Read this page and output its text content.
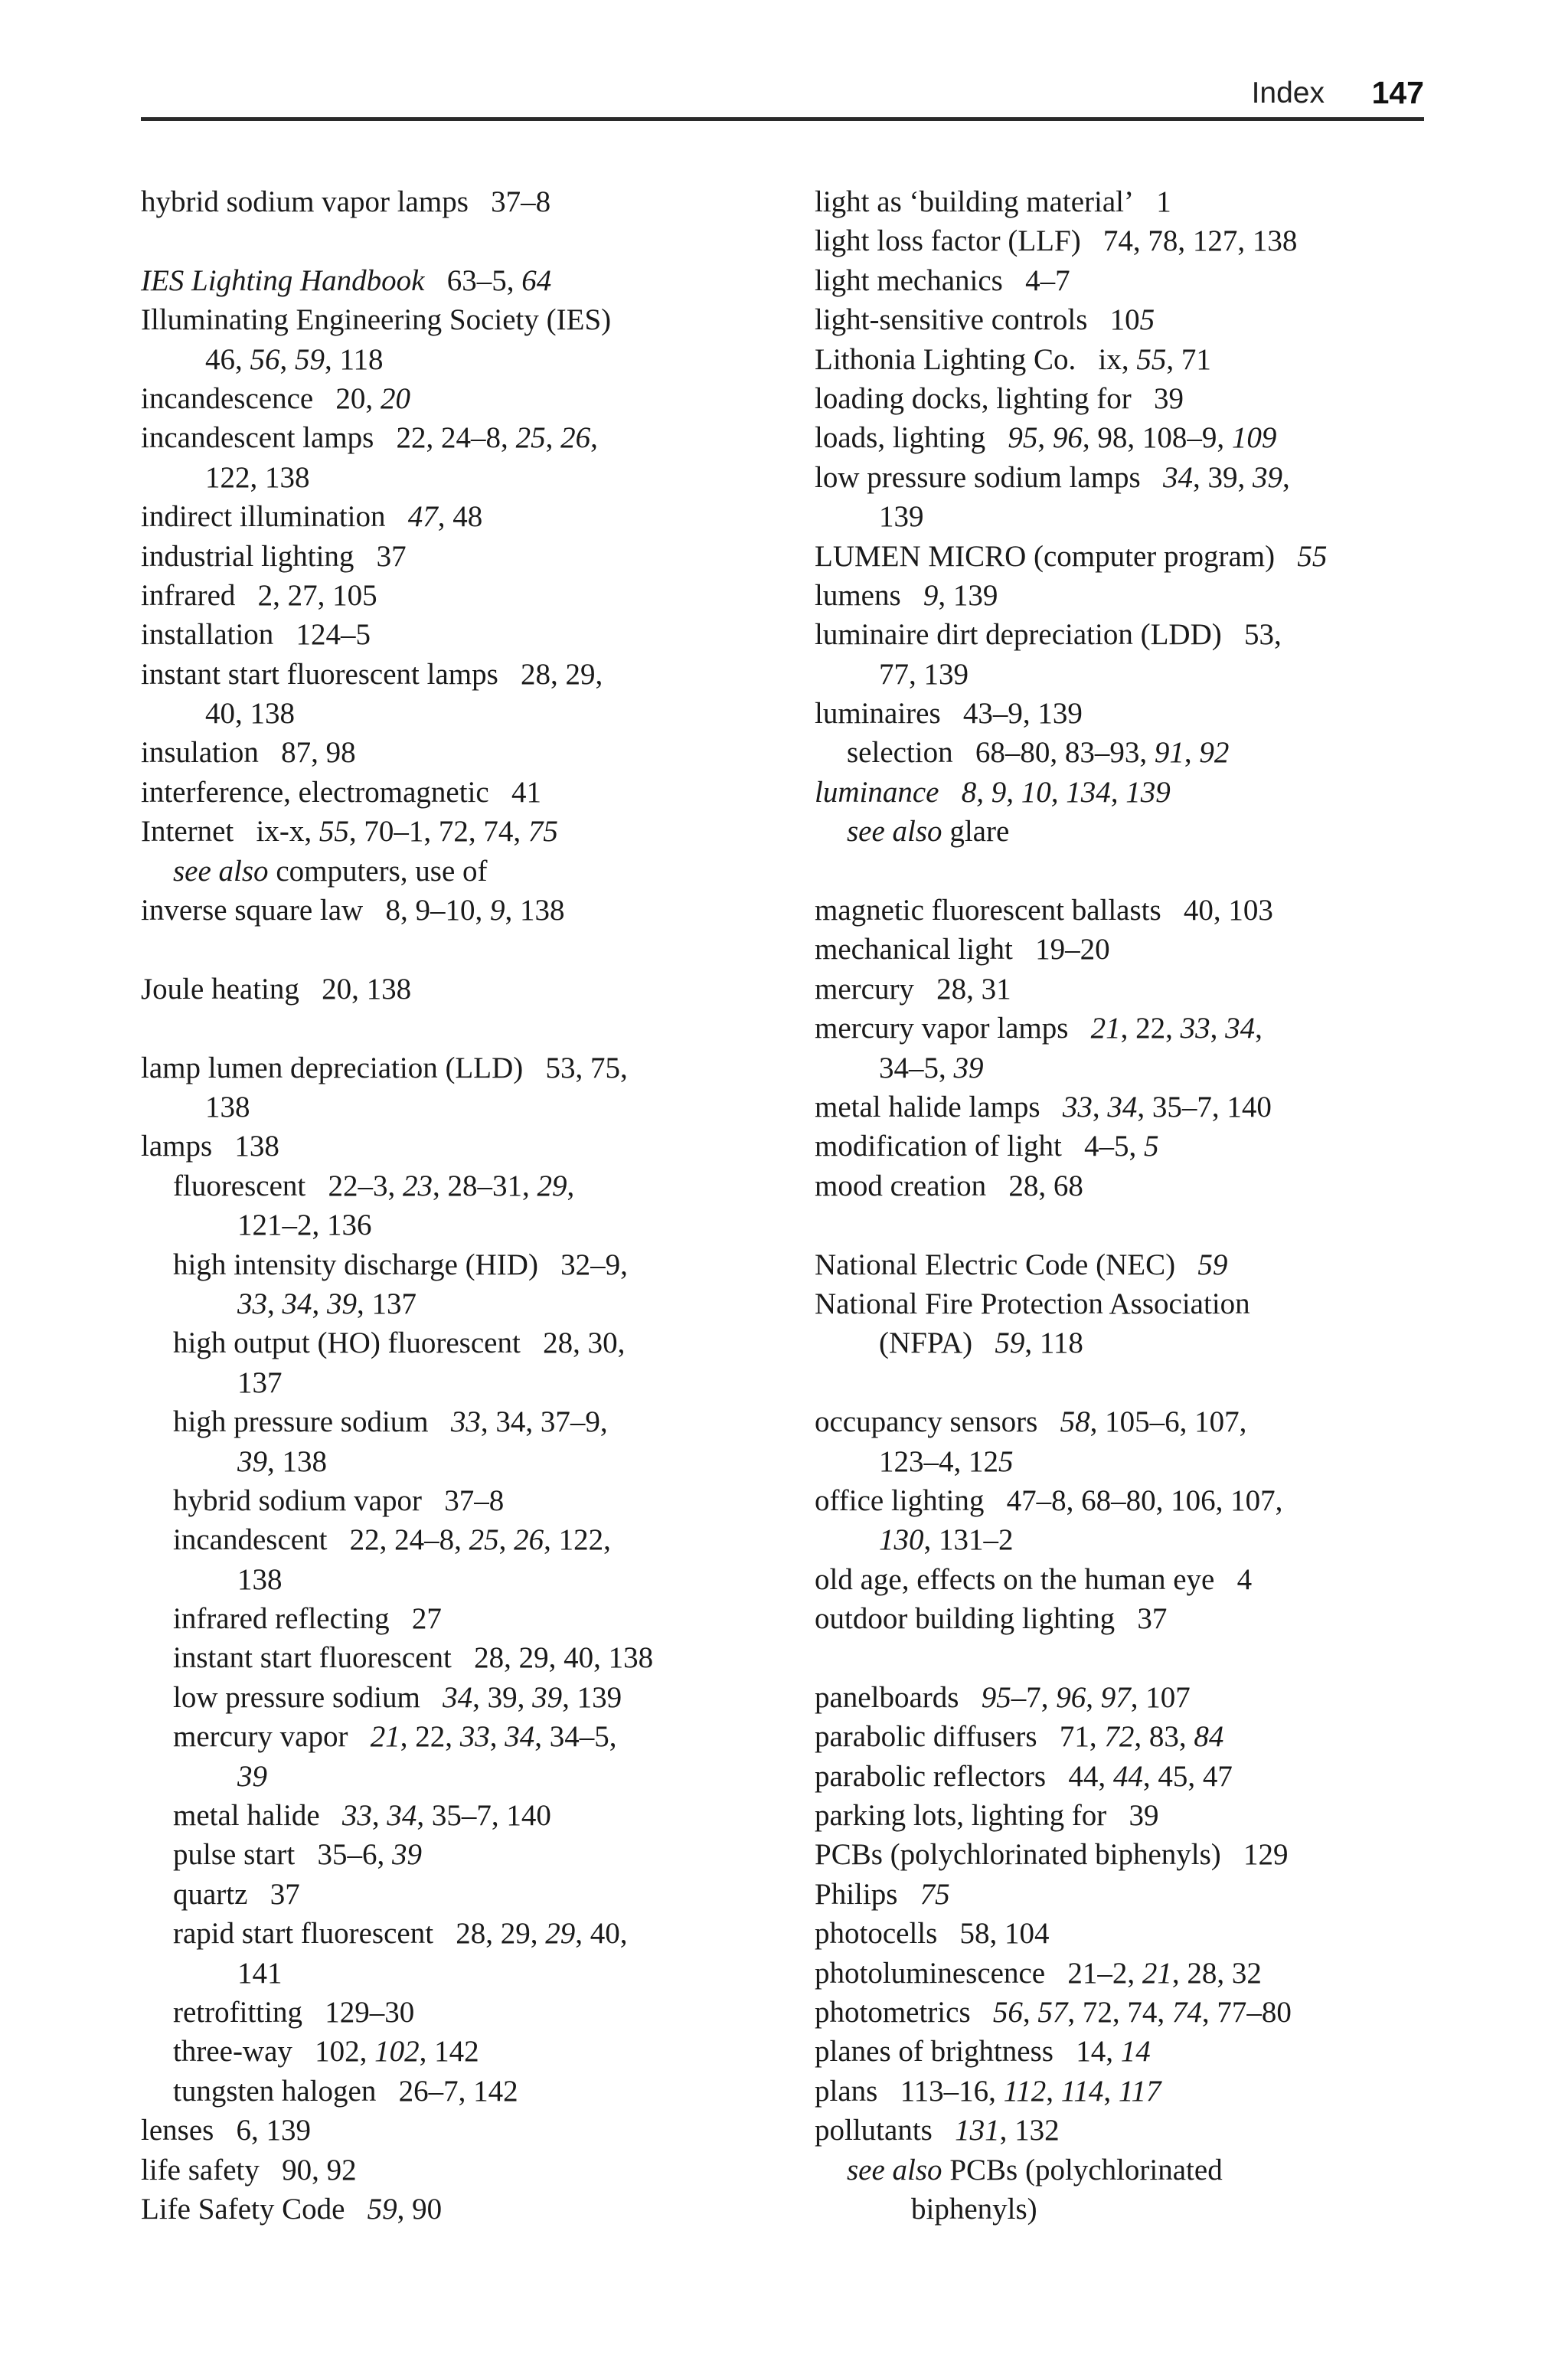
Index 147
hybrid sodium vapor lamps   37–8
IES Lighting Handbook   63–5, 64
Illuminating Engineering Society (IES)
46, 56, 59, 118
incandescence   20, 20
incandescent lamps   22, 24–8, 25, 26,
122, 138
indirect illumination   47, 48
industrial lighting   37
infrared   2, 27, 105
installation   124–5
instant start fluorescent lamps   28, 29,
40, 138
insulation   87, 98
interference, electromagnetic   41
Internet   ix-x, 55, 70–1, 72, 74, 75
see also computers, use of
inverse square law   8, 9–10, 9, 138
Joule heating   20, 138
lamp lumen depreciation (LLD)   53, 75,
138
lamps   138
fluorescent   22–3, 23, 28–31, 29,
121–2, 136
high intensity discharge (HID)   32–9,
33, 34, 39, 137
high output (HO) fluorescent   28, 30,
137
high pressure sodium   33, 34, 37–9,
39, 138
hybrid sodium vapor   37–8
incandescent   22, 24–8, 25, 26, 122,
138
infrared reflecting   27
instant start fluorescent   28, 29, 40, 138
low pressure sodium   34, 39, 39, 139
mercury vapor   21, 22, 33, 34, 34–5,
39
metal halide   33, 34, 35–7, 140
pulse start   35–6, 39
quartz   37
rapid start fluorescent   28, 29, 29, 40,
141
retrofitting   129–30
three-way   102, 102, 142
tungsten halogen   26–7, 142
lenses   6, 139
life safety   90, 92
Life Safety Code   59, 90
light as ‘building material’   1
light loss factor (LLF)   74, 78, 127, 138
light mechanics   4–7
light-sensitive controls   105
Lithonia Lighting Co.   ix, 55, 71
loading docks, lighting for   39
loads, lighting   95, 96, 98, 108–9, 109
low pressure sodium lamps   34, 39, 39,
139
LUMEN MICRO (computer program)   55
lumens   9, 139
luminaire dirt depreciation (LDD)   53,
77, 139
luminaires   43–9, 139
selection   68–80, 83–93, 91, 92
luminance   8, 9, 10, 134, 139
see also glare
magnetic fluorescent ballasts   40, 103
mechanical light   19–20
mercury   28, 31
mercury vapor lamps   21, 22, 33, 34,
34–5, 39
metal halide lamps   33, 34, 35–7, 140
modification of light   4–5, 5
mood creation   28, 68
National Electric Code (NEC)   59
National Fire Protection Association
(NFPA)   59, 118
occupancy sensors   58, 105–6, 107,
123–4, 125
office lighting   47–8, 68–80, 106, 107,
130, 131–2
old age, effects on the human eye   4
outdoor building lighting   37
panelboards   95–7, 96, 97, 107
parabolic diffusers   71, 72, 83, 84
parabolic reflectors   44, 44, 45, 47
parking lots, lighting for   39
PCBs (polychlorinated biphenyls)   129
Philips   75
photocells   58, 104
photoluminescence   21–2, 21, 28, 32
photometrics   56, 57, 72, 74, 74, 77–80
planes of brightness   14, 14
plans   113–16, 112, 114, 117
pollutants   131, 132
see also PCBs (polychlorinated
biphenyls)
